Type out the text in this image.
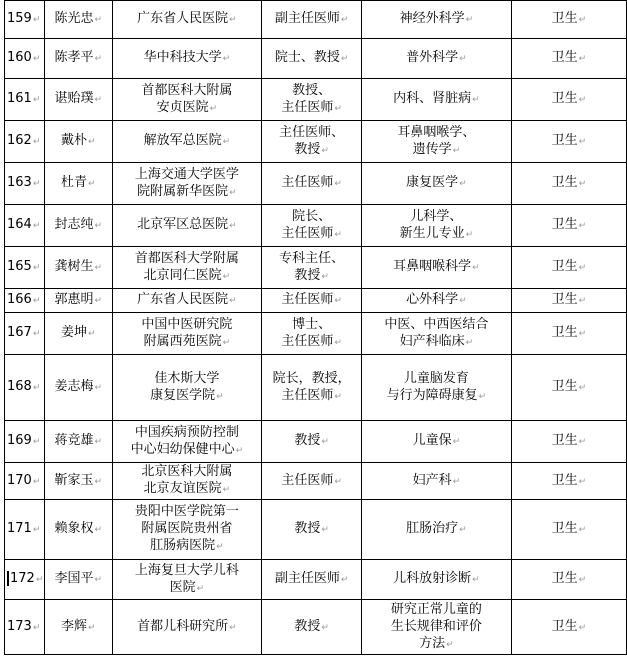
159↵	陈光忠↵	广东省人民医院↵	副主任医师↵	神经外科学↵	卫生↵
160↵	陈孝平↵	华中科技大学↵	院士、教授↵	普外科学↵	卫生↵
161↵	谌贻璞↵	首都医科大附属
安贞医院↵	教授、
主任医师↵	内科、肾脏病↵	卫生↵
162↵	戴朴↵	解放军总医院↵	主任医师、
教授↵	耳鼻咽喉学、
遗传学↵	卫生↵
163↵	杜青↵	上海交通大学医学
院附属新华医院↵	主任医师↵	康复医学↵	卫生↵
164↵	封志纯↵	北京军区总医院↵	院长、
主任医师↵	儿科学、
新生儿专业↵	卫生↵
165↵	龚树生↵	首都医科大学附属
北京同仁医院↵	专科主任、
教授↵	耳鼻咽喉科学↵	卫生↵
166↵	郭惠明↵	广东省人民医院↵	主任医师↵	心外科学↵	卫生↵
167↵	姜坤↵	中国中医研究院
附属西苑医院↵	博士、
主任医师↵	中医、中西医结合
妇产科临床↵	卫生↵
168↵	姜志梅↵	佳木斯大学
康复医学院↵	院长，教授，
主任医师↵	儿童脑发育
与行为障碍康复↵	卫生↵
169↵	蒋竞雄↵	中国疾病预防控制
中心妇幼保健中心↵	教授↵	儿童保↵	卫生↵
170↵	靳家玉↵	北京医科大附属
北京友谊医院↵	主任医师↵	妇产科↵	卫生↵
171↵	赖象权↵	贵阳中医学院第一
附属医院贵州省
肛肠病医院↵	教授↵	肛肠治疗↵	卫生↵
172↵	李国平↵	上海复旦大学儿科
医院↵	副主任医师↵	儿科放射诊断↵	卫生↵
173↵	李辉↵	首都儿科研究所↵	教授↵	研究正常儿童的
生长规律和评价
方法↵	卫生↵
